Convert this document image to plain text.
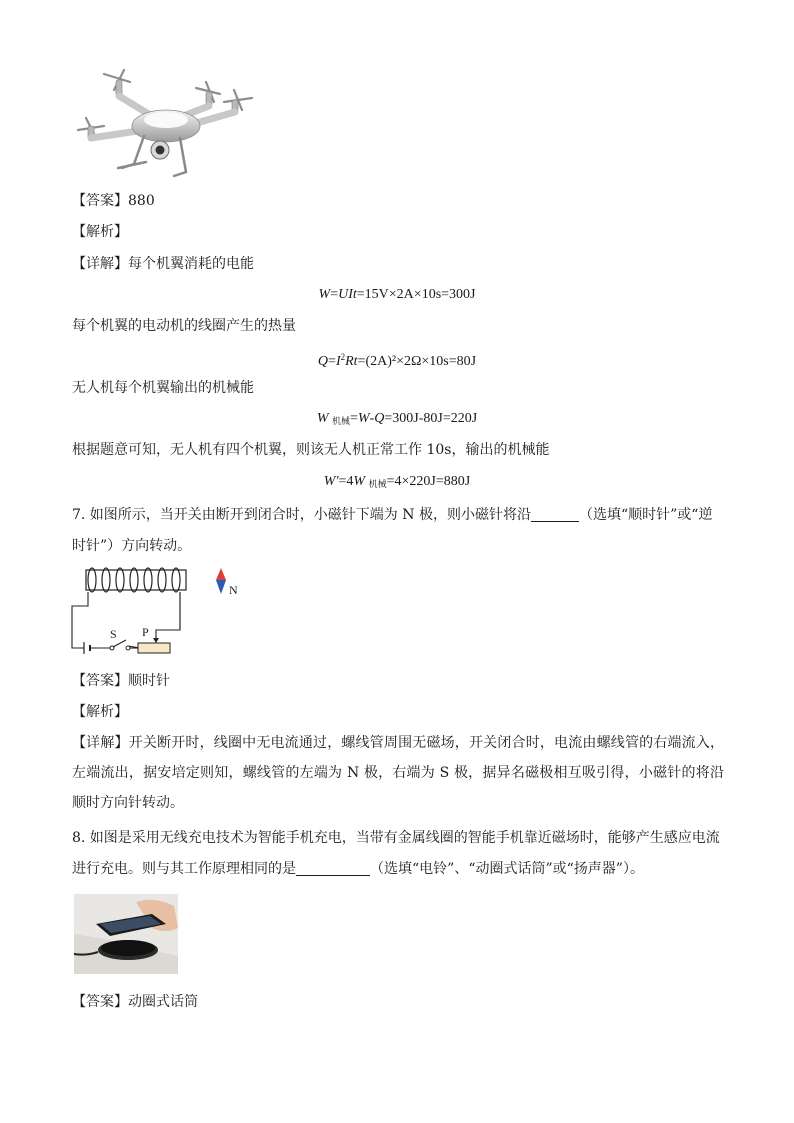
【答案】880
【解析】
【详解】每个机翼消耗的电能
W=UIt=15V×2A×10s=300J
每个机翼的电动机的线圈产生的热量
$Q=I^2Rt=(2A)^2\times 2\Omega\times 10s=80J$
无人机每个机翼输出的机械能
W $_{机械}$=W-Q=300J-80J=220J
根据题意可知，无人机有四个机翼，则该无人机正常工作 10s，输出的机械能
W′=4W $_{机械}$=4×220J=880J
7. 如图所示，当开关由断开到闭合时，小磁针下端为 N 极，则小磁针将沿	（选填“顺时针”或“逆
时针”）方向转动。
S P
N
【答案】顺时针
【解析】
【详解】开关断开时，线圈中无电流通过，螺线管周围无磁场，开关闭合时，电流由螺线管的右端流入，左端流出，据安培定则知，螺线管的左端为 N 极，右端为 S 极，据异名磁极相互吸引得，小磁针的将沿顺时方向针转动。
8. 如图是采用无线充电技术为智能手机充电，当带有金属线圈的智能手机靠近磁场时，能够产生感应电流
进行充电。则与其工作原理相同的是	（选填“电铃”、“动圈式话筒”或“扬声器”）。
【答案】动圈式话筒
